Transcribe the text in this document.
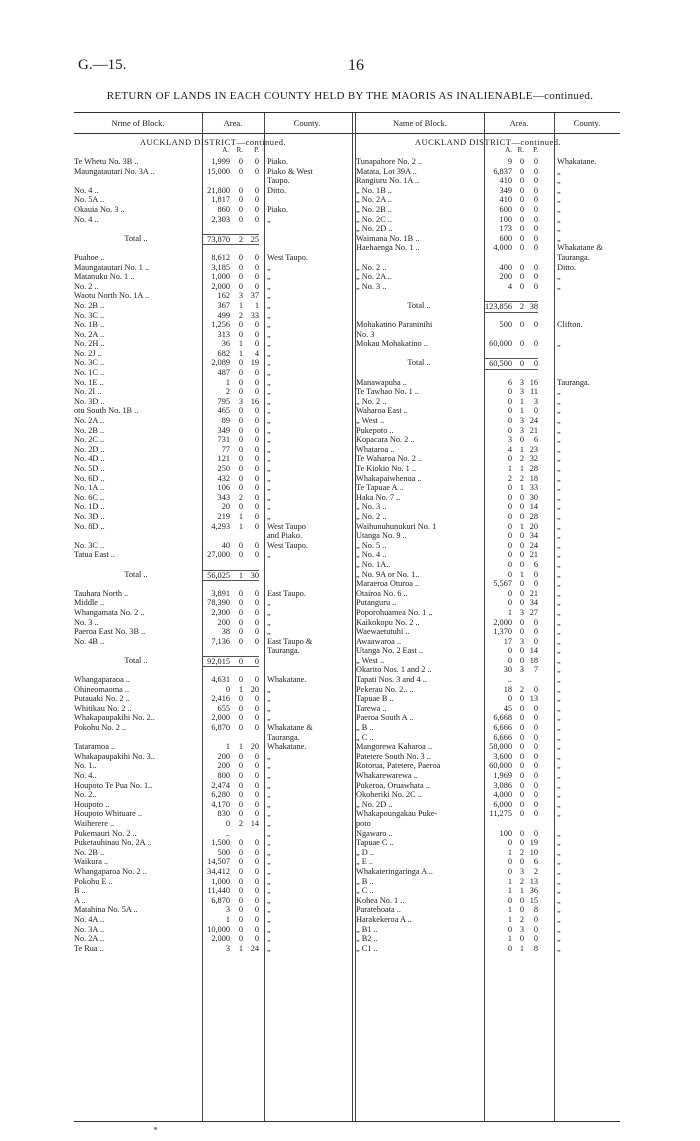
G.—15.	16
RETURN OF LANDS IN EACH COUNTY HELD BY THE MAORIS AS INALIENABLE—continued.
Nrme of Block.	Area.	County.	Name of Block.	Area.	County.
AUCKLAND DISTRICT—continued.
A.	R.	P.
Te Whetu No. 3B ..	1,999	0	0 Piako.
Maungatautari No. 3A ..	15,000	0	0 Piako & West
Taupo.
No. 4 ..	21,800	0	0 Ditto.
No. 5A ..	1,817	0	0
Okauia No. 3 ..	860	0	0 Piako.
No. 4 ..	2,303	0	0 „
Total ..	73,870	2 25
Puahoe ..	8,612	0	0 West Taupo.
Maungatautari No. 1 ..	3,185	0	0 „
Matanuku No. 1 ..	1,000	0	0 „
No. 2 ..	2,000	0	0 „
Waotu North No. 1A ..	162	3 37 „
No. 2B ..	367	1	1 „
No. 3C ..	499	2 33 „
No. 1B ..	1,256	0	0 „
No. 2A ..	313	0	0 „
No. 2H ..	36	1	0 „
No. 2J ..	682	1	4 „
No. 3C ..	2,089	0 19 „
No. 1C ..	487	0	0 „
No. 1E ..	1	0	0 „
No. 2I ..	2	0	0 „
No. 3D ..	795	3 16 „
otu South No. 1B ..	465	0	0 „
No. 2A ..	89	0	0 „
No. 2B ..	349	0	0 „
No. 2C ..	731	0	0 „
No. 2D ..	77	0	0 „
No. 4D ..	121	0	0 „
No. 5D ..	250	0	0 „
No. 6D ..	432	0	0 „
No. 1A ..	106	0	0 „
No. 6C ..	343	2	0 „
No. 1D ..	20	0	0 „
No. 3D ..	219	1	0 „
No. 8D ..	4,293	1	0 West Taupo
and Piako.
No. 3C ..	40	0	0 West Taupo.
Tatua East ..	27,000	0	0 „
Total ..	56,025	1 30
Tauhara North ..	3,891	0	0 East Taupo.
Middle ..	78,390	0	0 „
Whangamata No. 2 ..	2,300	0	0 „
No. 3 ..	200	0	0 „
Paeroa East No. 3B ..	38	0	0 „
No. 4B ..	7,136	0	0 East Taupo &
Tauranga.
Total ..	92,015	0	0
Whangaparaoa ..	4,631	0	0 Whakatane.
Ohineomaoma ..	0	1 20 „
Putauaki No. 2 ..	2,416	0	0 „
Whitikau No. 2 ..	655	0	0 „
Whakapaupakihi No. 2..	2,000	0	0 „
Pokohu No. 2 ..	6,870	0	0 Whakatane &
Tauranga.
Tataramoa ..	1	1 20 Whakatane.
Whakapaupakihi No. 3..	200	0	0 „
No. 1..	200	0	0 „
No. 4..	800	0	0 „
Houpoto Te Pua No. 1..	2,474	0	0 „
No. 2..	6,280	0	0 „
Houpoto ..	4,170	0	0 „
Houpoto Whituare ..	830	0	0 „
Waiherere ..	0	2 14 „
Pukemauri No. 2 ..	..	„
Puketauhinau No. 2A ..	1,500	0	0 „
No. 2B ..	500	0	0 „
Waikura ..	14,507	0	0 „
Whangaparoa No. 2 ..	34,412	0	0 „
Pokohu E ..	1,000	0	0 „
B ..	11,440	0	0 „
A ..	6,870	0	0 „
Matahina No. 5A ..	3	0	0 „
No. 4A ..	1	0	0 „
No. 3A ..	10,000	0	0 „
No. 2A ..	2,000	0	0 „
Te Rua ..	3	1 24 „
AUCKLAND DISTRICT—continued.
A. R.	P.
Tunapahore No. 2 ..	9 0	0 Whakatane.
Matata, Lot 39A ..	6,837 0	0 „
Rangiuru No. 1A ..	410 0	0 „
„ No. 1B ..	349 0	0 „
„ No. 2A ..	410 0	0 „
„ No. 2B ..	600 0	0 „
„ No. 2C ..	100 0	0 „
„ No. 2D ..	173 0	0 „
Waimana No. 1B ..	600 0	0 „
Haehaenga No. 1 ..	4,000 0	0 Whakatane &
Tauranga.
„ No. 2 ..	400 0	0 Ditto.
„ No. 2A ..	200 0	0 „
„ No. 3 ..	4 0	0 „
Total ..	123,856 2 38
Mohakatino Paraninihi	500 0	0 Clifton.
No. 3
Mokau Mohakatino ..	60,000 0	0 „
Total ..	60,500 0	0
Manawapuha ..	6 3 16 Tauranga.
Te Tawhao No. 1 ..	0 3 11 „
„ No. 2 ..	0 1	3 „
Waharoa East ..	0 1	0 „
„ West ..	0 3 24 „
Pukepoto ..	0 3 21 „
Kopacara No. 2 ..	3 0	6 „
Whataroa ..	4 1 23 „
Te Waharoa No. 2 ..	0 2 32 „
Te Kiokio No. 1 ..	1 1 28 „
Whakapaiwhenua ..	2 2 18 „
Te Tapuae A ..	0 1 33 „
Haka No. 7 ..	0 0 30 „
„ No. 3 ..	0 0 14 „
„ No. 2 ..	0 0 28 „
Waihunuhunukuri No. 1	0 1 20 „
Utanga No. 9 ..	0 0 34 „
„ No. 5 ..	0 0 24 „
„ No. 4 ..	0 0 21 „
„ No. 1A..	0 0	6 „
„ No. 9A or No. 1..	0 1	0 „
Maraeroa Oturoa ..	5,567 0	0 „
Otairoa No. 6 ..	0 0 21 „
Putanguru ..	0 0 34 „
Poporohuamea No. 1 ..	1 3 27 „
Kaikokopu No. 2 ..	2,000 0	0 „
Waewaetutuhi ..	1,370 0	0 „
Awaawaroa ..	17 3	0 „
Utanga No. 2 East ..	0 0 14 „
„ West ..	0 0 18 „
Okarito Nos. 1 and 2 ..	30 3	7 „
Tapati Nos. 3 and 4 ..	..	„
Pekerau No. 2.. ..	18 2	0 „
Tapuae B ..	0 0 13 „
Tarewa ..	45 0	0 „
Paeroa South A ..	6,668 0	0 „
„ B ..	6,666 0	0 „
„ C ..	6,666 0	0 „
Mangorewa Kaharoa ..	58,000 0	0 „
Patetere South No. 3 ..	3,600 0	0 „
Rotorua, Patetere, Paeroa	60,000 0	0 „
Whakarewarewa ..	1,969 0	0 „
Pukeroa, Oruawhata ..	3,086 0	0 „
Okoheriki No. 2C ..	4,000 0	0 „
„ No. 2D ..	6,000 0	0 „
Whakapoungakau Puke-	11,275 0	0 „
poto
Ngawaro ..	100 0	0 „
Tapuae C ..	0 0 19 „
„ D ..	1 2 10 „
„ E ..	0 0	6 „
Whakateringaringa A ..	0 3	2 „
„ B ..	1 2 13 „
„ C ..	1 1 36 „
Kohea No. 1 ..	0 0 15 „
Paratehoata ..	1 0	8 „
Harakekeroa A ..	1 2	0 „
„ B1 ..	0 3	0 „
„ B2 ..	1 0	0 „
„ C1 ..	0 1	8 „
